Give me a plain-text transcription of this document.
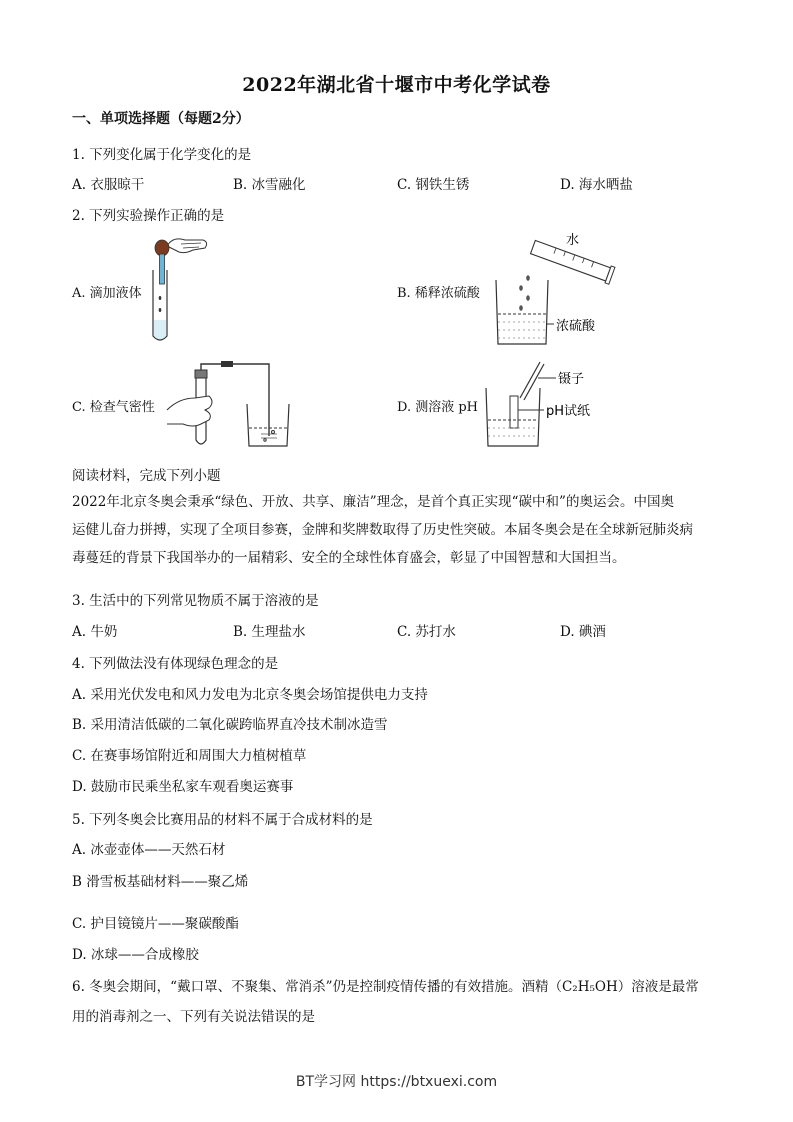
2022年湖北省十堰市中考化学试卷
一、单项选择题（每题2分）
1. 下列变化属于化学变化的是
A. 衣服晾干	B. 冰雪融化	C. 钢铁生锈	D. 海水晒盐
2. 下列实验操作正确的是
A. 滴加液体	B. 稀释浓硫酸
水
浓硫酸
C. 检查气密性	D. 测溶液 pH
镊子
pH试纸
阅读材料，完成下列小题
2022年北京冬奥会秉承“绿色、开放、共享、廉洁”理念，是首个真正实现“碳中和”的奥运会。中国奥
运健儿奋力拼搏，实现了全项目参赛，金牌和奖牌数取得了历史性突破。本届冬奥会是在全球新冠肺炎病
毒蔓廷的背景下我国举办的一届精彩、安全的全球性体育盛会，彰显了中国智慧和大国担当。
3. 生活中的下列常见物质不属于溶液的是
A. 牛奶	B. 生理盐水	C. 苏打水	D. 碘酒
4. 下列做法没有体现绿色理念的是
A. 采用光伏发电和风力发电为北京冬奥会场馆提供电力支持
B. 采用清洁低碳的二氧化碳跨临界直冷技术制冰造雪
C. 在赛事场馆附近和周围大力植树植草
D. 鼓励市民乘坐私家车观看奥运赛事
5. 下列冬奥会比赛用品的材料不属于合成材料的是
A. 冰壶壶体——天然石材
B 滑雪板基础材料——聚乙烯
C. 护目镜镜片——聚碳酸酯
D. 冰球——合成橡胶
6. 冬奥会期间，“戴口罩、不聚集、常消杀”仍是控制疫情传播的有效措施。酒精（C₂H₅OH）溶液是最常
用的消毒剂之一、下列有关说法错误的是
BT学习网 https://btxuexi.com
